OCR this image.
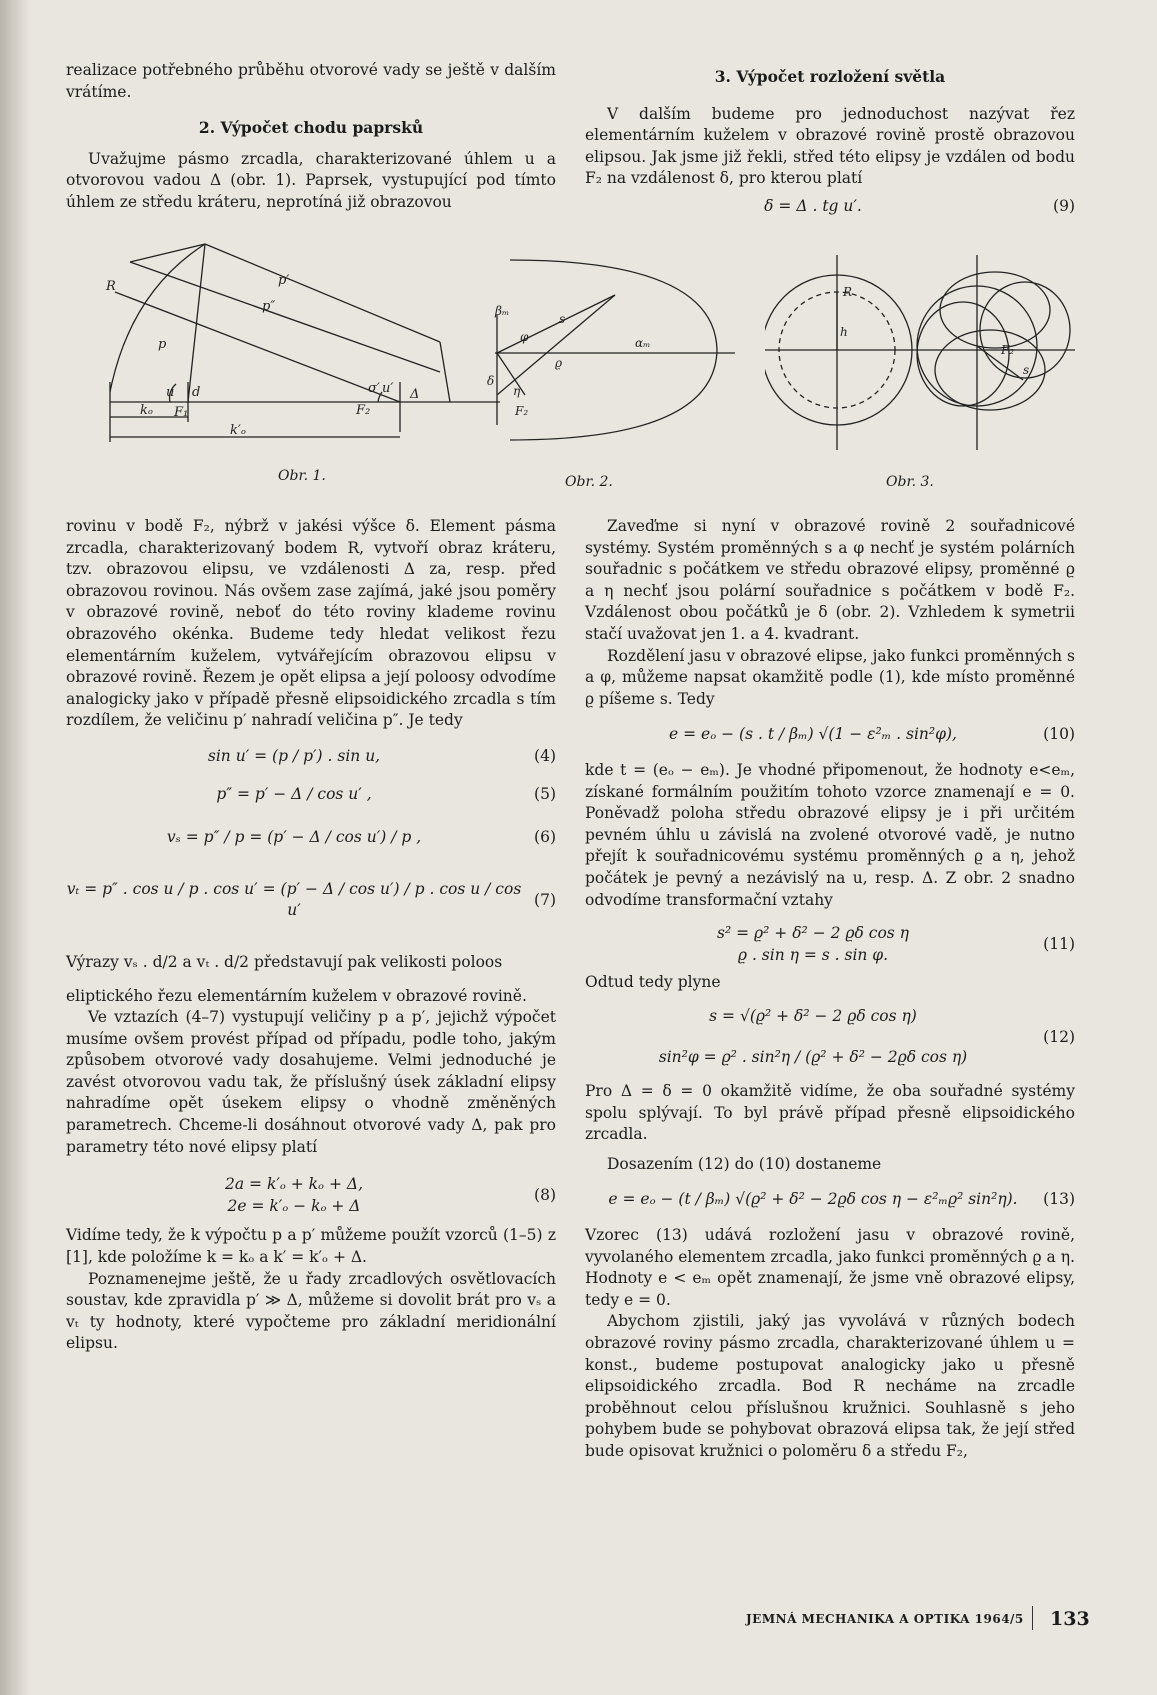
realizace potřebného průběhu otvorové vady se ještě v dalším vrátíme.

2. Výpočet chodu paprsků

Uvažujme pásmo zrcadla, charakterizované úhlem u a otvorovou vadou Δ (obr. 1). Paprsek, vystupující pod tímto úhlem ze středu kráteru, neprotíná již obrazovou

R	p′
p″
p
u d
F₁
kₒ
k′ₒ
σ′
F₂
u′ Δ
Obr. 1.
βₘ
s
φ
ϱ
η
δ
F₂
αₘ
Obr. 2.
R
h
F₂
s
Obr. 3.

rovinu v bodě F₂, nýbrž v jakési výšce δ. Element pásma zrcadla, charakterizovaný bodem R, vytvoří obraz kráteru, tzv. obrazovou elipsu, ve vzdálenosti Δ za, resp. před obrazovou rovinou. Nás ovšem zase zajímá, jaké jsou poměry v obrazové rovině, neboť do této roviny klademe rovinu obrazového okénka. Budeme tedy hledat velikost řezu elementárním kuželem, vytvářejícím obrazovou elipsu v obrazové rovině. Řezem je opět elipsa a její poloosy odvodíme analogicky jako v případě přesně elipsoidického zrcadla s tím rozdílem, že veličinu p′ nahradí veličina p″. Je tedy

sin u′ = (p / p′) . sin u,	(4)
p″ = p′ − Δ / cos u′ ,	(5)
vₛ = p″ / p = (p′ − Δ / cos u′) / p ,	(6)
vₜ = p″ . cos u / p . cos u′ = (p′ − Δ / cos u′) / p . cos u / cos u′
(7)

Výrazy vₛ . d/2 a vₜ . d/2 představují pak velikosti poloos

eliptického řezu elementárním kuželem v obrazové rovině.

Ve vztazích (4–7) vystupují veličiny p a p′, jejichž výpočet musíme ovšem provést případ od případu, podle toho, jakým způsobem otvorové vady dosahujeme. Velmi jednoduché je zavést otvorovou vadu tak, že příslušný úsek základní elipsy nahradíme opět úsekem elipsy o vhodně změněných parametrech. Chceme-li dosáhnout otvorové vady Δ, pak pro parametry této nové elipsy platí

2a = k′ₒ + kₒ + Δ,
2e = k′ₒ − kₒ + Δ
(8)

Vidíme tedy, že k výpočtu p a p′ můžeme použít vzorců (1–5) z [1], kde položíme k = kₒ a k′ = k′ₒ + Δ.

Poznamenejme ještě, že u řady zrcadlových osvětlovacích soustav, kde zpravidla p′ ≫ Δ, můžeme si dovolit brát pro vₛ a vₜ ty hodnoty, které vypočteme pro základní meridionální elipsu.

3. Výpočet rozložení světla

V dalším budeme pro jednoduchost nazývat řez elementárním kuželem v obrazové rovině prostě obrazovou elipsou. Jak jsme již řekli, střed této elipsy je vzdálen od bodu F₂ na vzdálenost δ, pro kterou platí

δ = Δ . tg u′.	(9)

Zaveďme si nyní v obrazové rovině 2 souřadnicové systémy. Systém proměnných s a φ nechť je systém polárních souřadnic s počátkem ve středu obrazové elipsy, proměnné ϱ a η nechť jsou polární souřadnice s počátkem v bodě F₂. Vzdálenost obou počátků je δ (obr. 2). Vzhledem k symetrii stačí uvažovat jen 1. a 4. kvadrant.

Rozdělení jasu v obrazové elipse, jako funkci proměnných s a φ, můžeme napsat okamžitě podle (1), kde místo proměnné ϱ píšeme s. Tedy

e = eₒ − (s . t / βₘ) √(1 − ε²ₘ . sin²φ),	(10)

kde t = (eₒ − eₘ). Je vhodné připomenout, že hodnoty e<eₘ, získané formálním použitím tohoto vzorce znamenají e = 0. Poněvadž poloha středu obrazové elipsy je i při určitém pevném úhlu u závislá na zvolené otvorové vadě, je nutno přejít k souřadnicovému systému proměnných ϱ a η, jehož počátek je pevný a nezávislý na u, resp. Δ. Z obr. 2 snadno odvodíme transformační vztahy

s² = ϱ² + δ² − 2 ϱδ cos η
ϱ . sin η = s . sin φ.
(11)

Odtud tedy plyne

s = √(ϱ² + δ² − 2 ϱδ cos η)
sin²φ = ϱ² . sin²η / (ϱ² + δ² − 2ϱδ cos η)
(12)

Pro Δ = δ = 0 okamžitě vidíme, že oba souřadné systémy spolu splývají. To byl právě případ přesně elipsoidického zrcadla.

Dosazením (12) do (10) dostaneme

e = eₒ − (t / βₘ) √(ϱ² + δ² − 2ϱδ cos η − ε²ₘϱ² sin²η).	(13)

Vzorec (13) udává rozložení jasu v obrazové rovině, vyvolaného elementem zrcadla, jako funkci proměnných ϱ a η. Hodnoty e < eₘ opět znamenají, že jsme vně obrazové elipsy, tedy e = 0.

Abychom zjistili, jaký jas vyvolává v různých bodech obrazové roviny pásmo zrcadla, charakterizované úhlem u = konst., budeme postupovat analogicky jako u přesně elipsoidického zrcadla. Bod R necháme na zrcadle proběhnout celou příslušnou kružnici. Souhlasně s jeho pohybem bude se pohybovat obrazová elipsa tak, že její střed bude opisovat kružnici o poloměru δ a středu F₂,

JEMNÁ MECHANIKA A OPTIKA 1964/5 133
